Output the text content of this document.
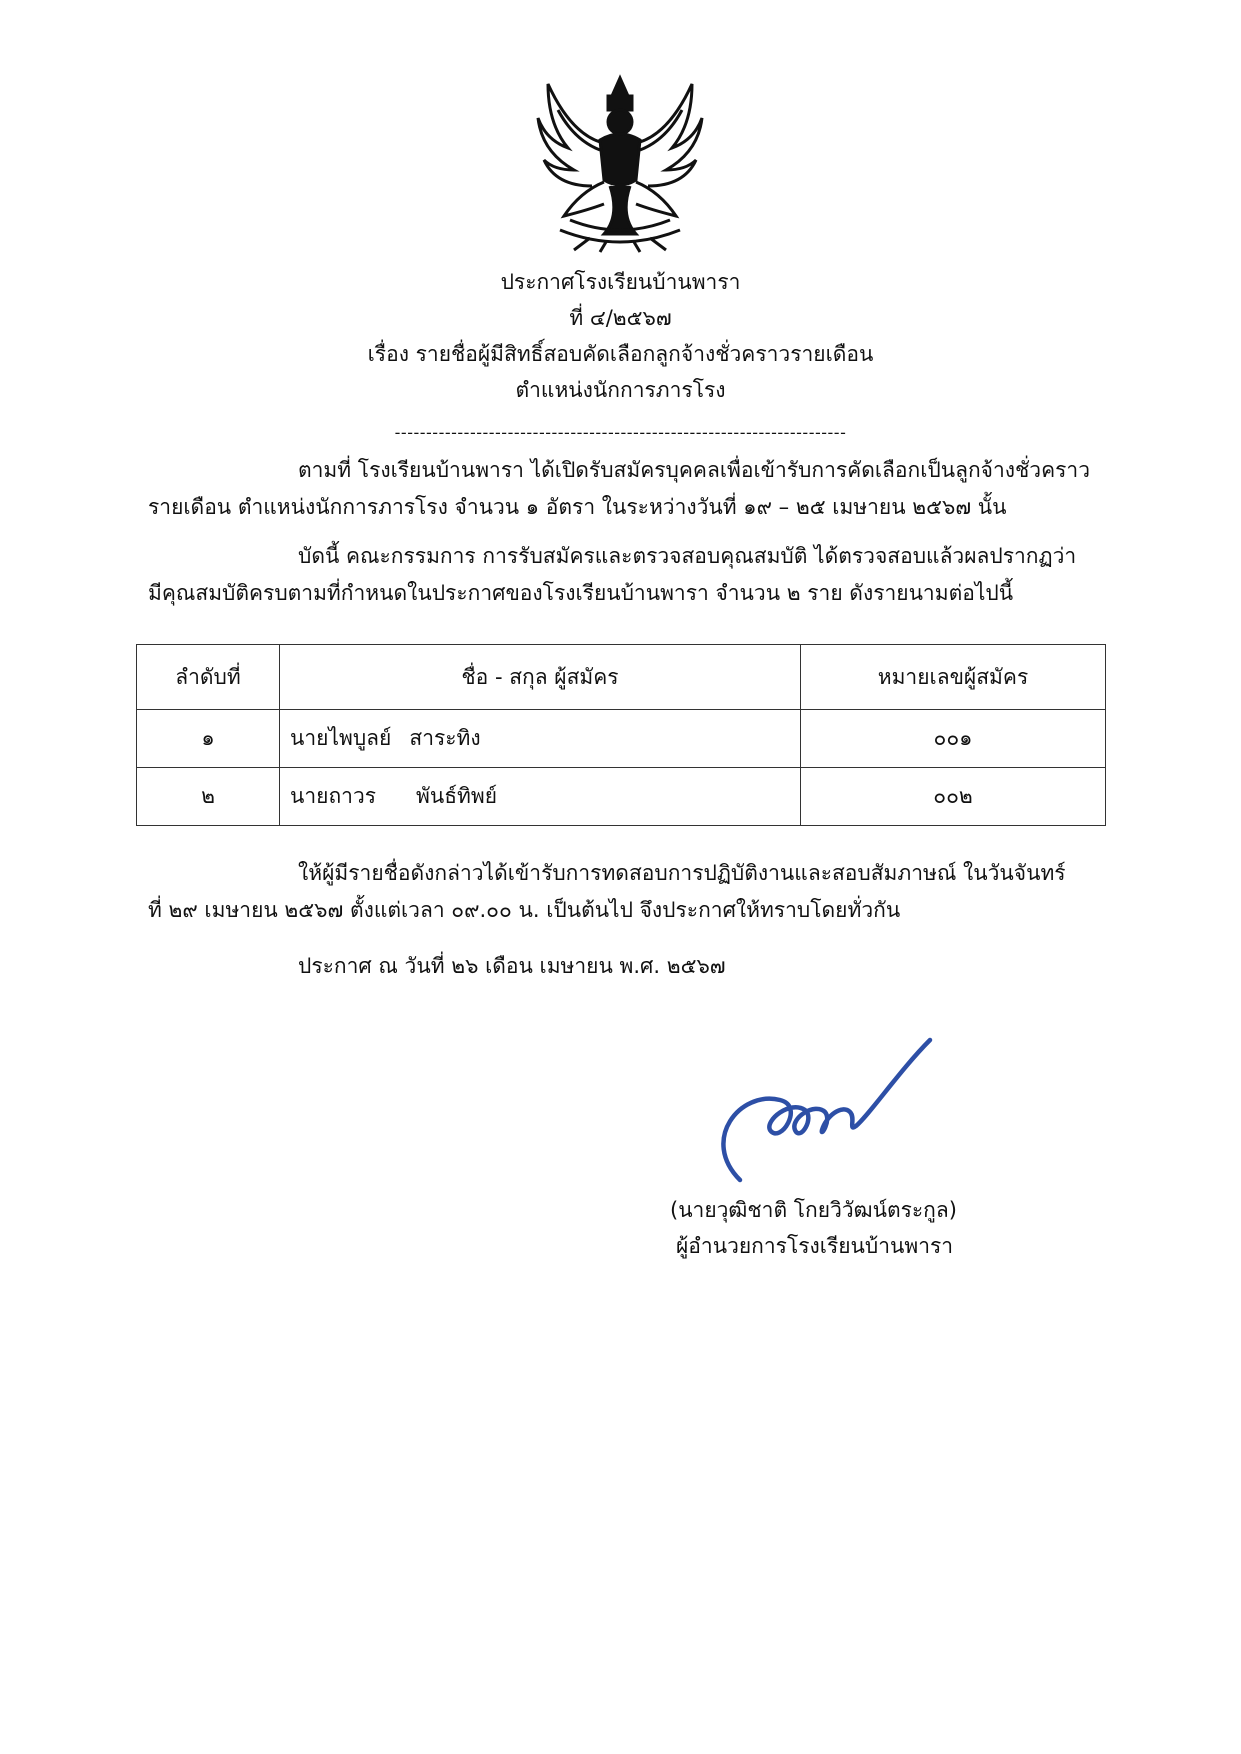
ประกาศโรงเรียนบ้านพารา
ที่ ๔/๒๕๖๗
เรื่อง รายชื่อผู้มีสิทธิ์สอบคัดเลือกลูกจ้างชั่วคราวรายเดือน
ตำแหน่งนักการภารโรง
------------------------------------------------------------------------
ตามที่ โรงเรียนบ้านพารา ได้เปิดรับสมัครบุคคลเพื่อเข้ารับการคัดเลือกเป็นลูกจ้างชั่วคราว
รายเดือน ตำแหน่งนักการภารโรง จำนวน ๑ อัตรา ในระหว่างวันที่ ๑๙ – ๒๕ เมษายน ๒๕๖๗ นั้น
บัดนี้ คณะกรรมการ การรับสมัครและตรวจสอบคุณสมบัติ ได้ตรวจสอบแล้วผลปรากฏว่า
มีคุณสมบัติครบตามที่กำหนดในประกาศของโรงเรียนบ้านพารา จำนวน ๒ ราย ดังรายนามต่อไปนี้
ลำดับที่	ชื่อ - สกุล ผู้สมัคร	หมายเลขผู้สมัคร
๑	นายไพบูลย์ สาระทิง	๐๐๑
๒	นายถาวร พันธ์ทิพย์	๐๐๒
ให้ผู้มีรายชื่อดังกล่าวได้เข้ารับการทดสอบการปฏิบัติงานและสอบสัมภาษณ์ ในวันจันทร์
ที่ ๒๙ เมษายน ๒๕๖๗ ตั้งแต่เวลา ๐๙.๐๐ น. เป็นต้นไป จึงประกาศให้ทราบโดยทั่วกัน
ประกาศ ณ วันที่ ๒๖ เดือน เมษายน พ.ศ. ๒๕๖๗
(นายวุฒิชาติ โกยวิวัฒน์ตระกูล)
ผู้อำนวยการโรงเรียนบ้านพารา
